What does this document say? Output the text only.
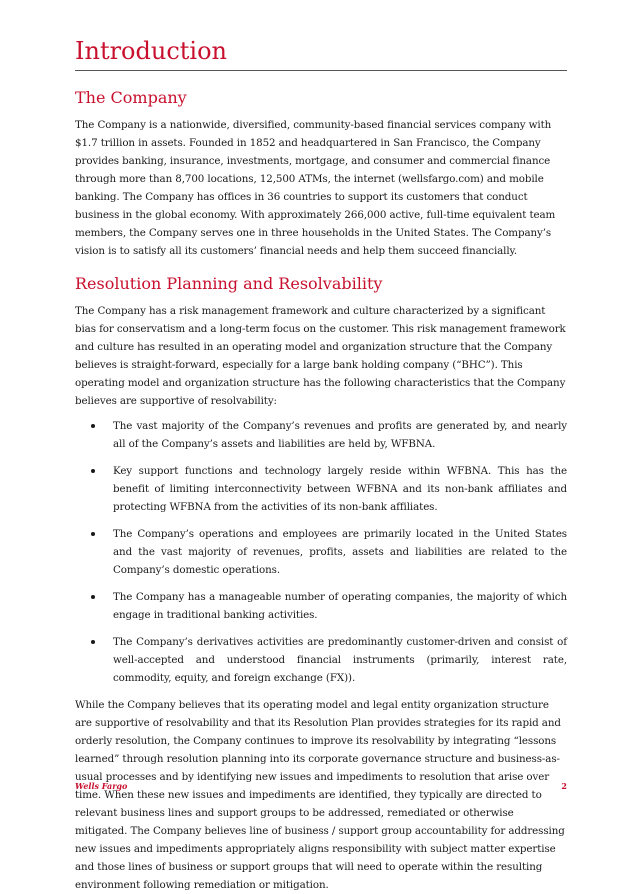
Introduction
The Company

The Company is a nationwide, diversified, community-based financial services company with $1.7 trillion in assets. Founded in 1852 and headquartered in San Francisco, the Company provides banking, insurance, investments, mortgage, and consumer and commercial finance through more than 8,700 locations, 12,500 ATMs, the internet (wellsfargo.com) and mobile banking. The Company has offices in 36 countries to support its customers that conduct business in the global economy. With approximately 266,000 active, full-time equivalent team members, the Company serves one in three households in the United States. The Company’s vision is to satisfy all its customers’ financial needs and help them succeed financially.

Resolution Planning and Resolvability

The Company has a risk management framework and culture characterized by a significant bias for conservatism and a long-term focus on the customer. This risk management framework and culture has resulted in an operating model and organization structure that the Company believes is straight-forward, especially for a large bank holding company (“BHC”). This operating model and organization structure has the following characteristics that the Company believes are supportive of resolvability:

The vast majority of the Company’s revenues and profits are generated by, and nearly all of the Company’s assets and liabilities are held by, WFBNA.
Key support functions and technology largely reside within WFBNA. This has the benefit of limiting interconnectivity between WFBNA and its non-bank affiliates and protecting WFBNA from the activities of its non-bank affiliates.
The Company’s operations and employees are primarily located in the United States and the vast majority of revenues, profits, assets and liabilities are related to the Company’s domestic operations.
The Company has a manageable number of operating companies, the majority of which engage in traditional banking activities.
The Company’s derivatives activities are predominantly customer-driven and consist of well-accepted and understood financial instruments (primarily, interest rate, commodity, equity, and foreign exchange (FX)).

While the Company believes that its operating model and legal entity organization structure are supportive of resolvability and that its Resolution Plan provides strategies for its rapid and orderly resolution, the Company continues to improve its resolvability by integrating “lessons learned” through resolution planning into its corporate governance structure and business-as-usual processes and by identifying new issues and impediments to resolution that arise over time. When these new issues and impediments are identified, they typically are directed to relevant business lines and support groups to be addressed, remediated or otherwise mitigated. The Company believes line of business / support group accountability for addressing new issues and impediments appropriately aligns responsibility with subject matter expertise and those lines of business or support groups that will need to operate within the resulting environment following remediation or mitigation.

Wells Fargo	2
